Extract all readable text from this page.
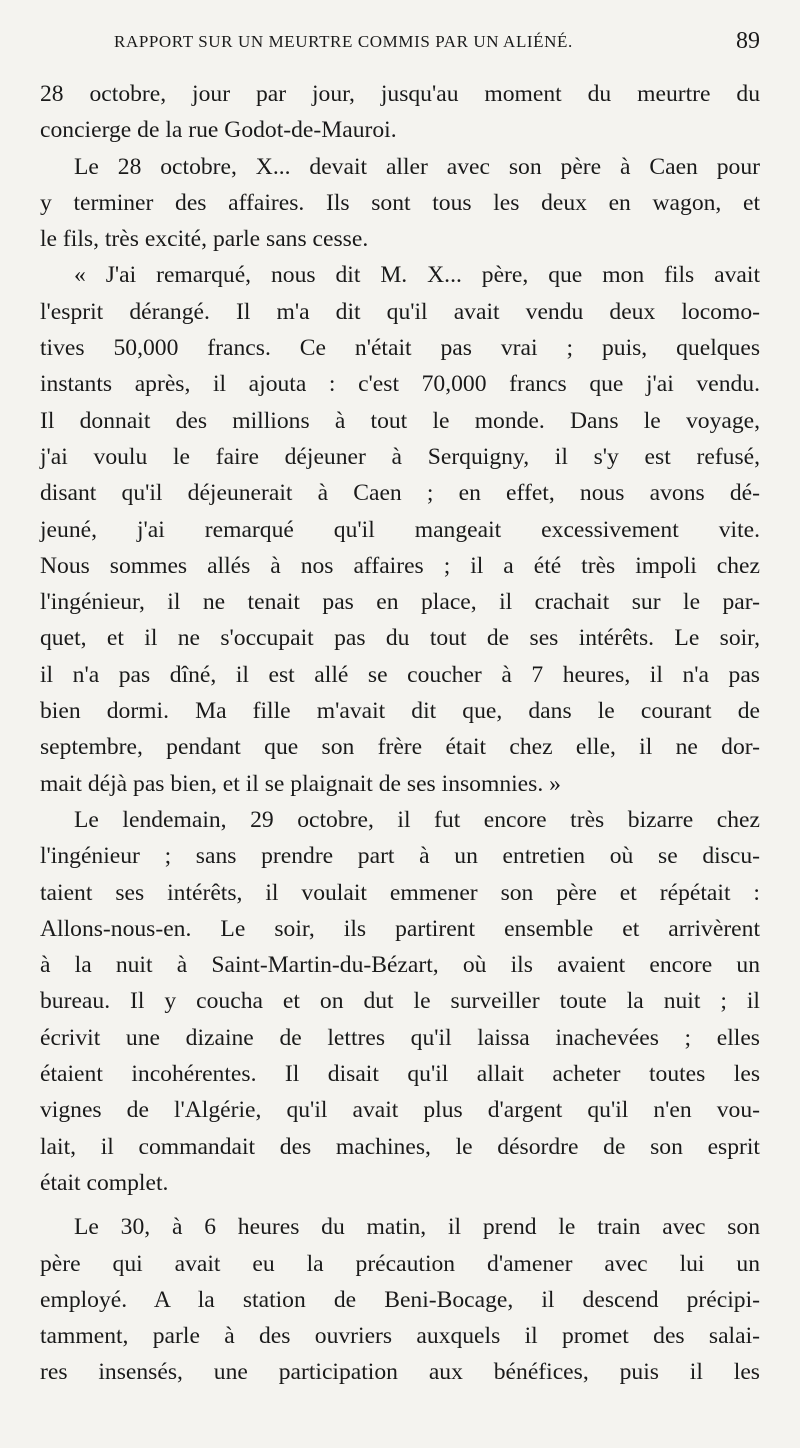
RAPPORT SUR UN MEURTRE COMMIS PAR UN ALIÉNÉ.	89
28 octobre, jour par jour, jusqu'au moment du meurtre du
concierge de la rue Godot-de-Mauroi.
Le 28 octobre, X... devait aller avec son père à Caen pour
y terminer des affaires. Ils sont tous les deux en wagon, et
le fils, très excité, parle sans cesse.
« J'ai remarqué, nous dit M. X... père, que mon fils avait
l'esprit dérangé. Il m'a dit qu'il avait vendu deux locomo-
tives 50,000 francs. Ce n'était pas vrai ; puis, quelques
instants après, il ajouta : c'est 70,000 francs que j'ai vendu.
Il donnait des millions à tout le monde. Dans le voyage,
j'ai voulu le faire déjeuner à Serquigny, il s'y est refusé,
disant qu'il déjeunerait à Caen ; en effet, nous avons dé-
jeuné, j'ai remarqué qu'il mangeait excessivement vite.
Nous sommes allés à nos affaires ; il a été très impoli chez
l'ingénieur, il ne tenait pas en place, il crachait sur le par-
quet, et il ne s'occupait pas du tout de ses intérêts. Le soir,
il n'a pas dîné, il est allé se coucher à 7 heures, il n'a pas
bien dormi. Ma fille m'avait dit que, dans le courant de
septembre, pendant que son frère était chez elle, il ne dor-
mait déjà pas bien, et il se plaignait de ses insomnies. »
Le lendemain, 29 octobre, il fut encore très bizarre chez
l'ingénieur ; sans prendre part à un entretien où se discu-
taient ses intérêts, il voulait emmener son père et répétait :
Allons-nous-en. Le soir, ils partirent ensemble et arrivèrent
à la nuit à Saint-Martin-du-Bézart, où ils avaient encore un
bureau. Il y coucha et on dut le surveiller toute la nuit ; il
écrivit une dizaine de lettres qu'il laissa inachevées ; elles
étaient incohérentes. Il disait qu'il allait acheter toutes les
vignes de l'Algérie, qu'il avait plus d'argent qu'il n'en vou-
lait, il commandait des machines, le désordre de son esprit
était complet.
Le 30, à 6 heures du matin, il prend le train avec son
père qui avait eu la précaution d'amener avec lui un
employé. A la station de Beni-Bocage, il descend précipi-
tamment, parle à des ouvriers auxquels il promet des salai-
res insensés, une participation aux bénéfices, puis il les
